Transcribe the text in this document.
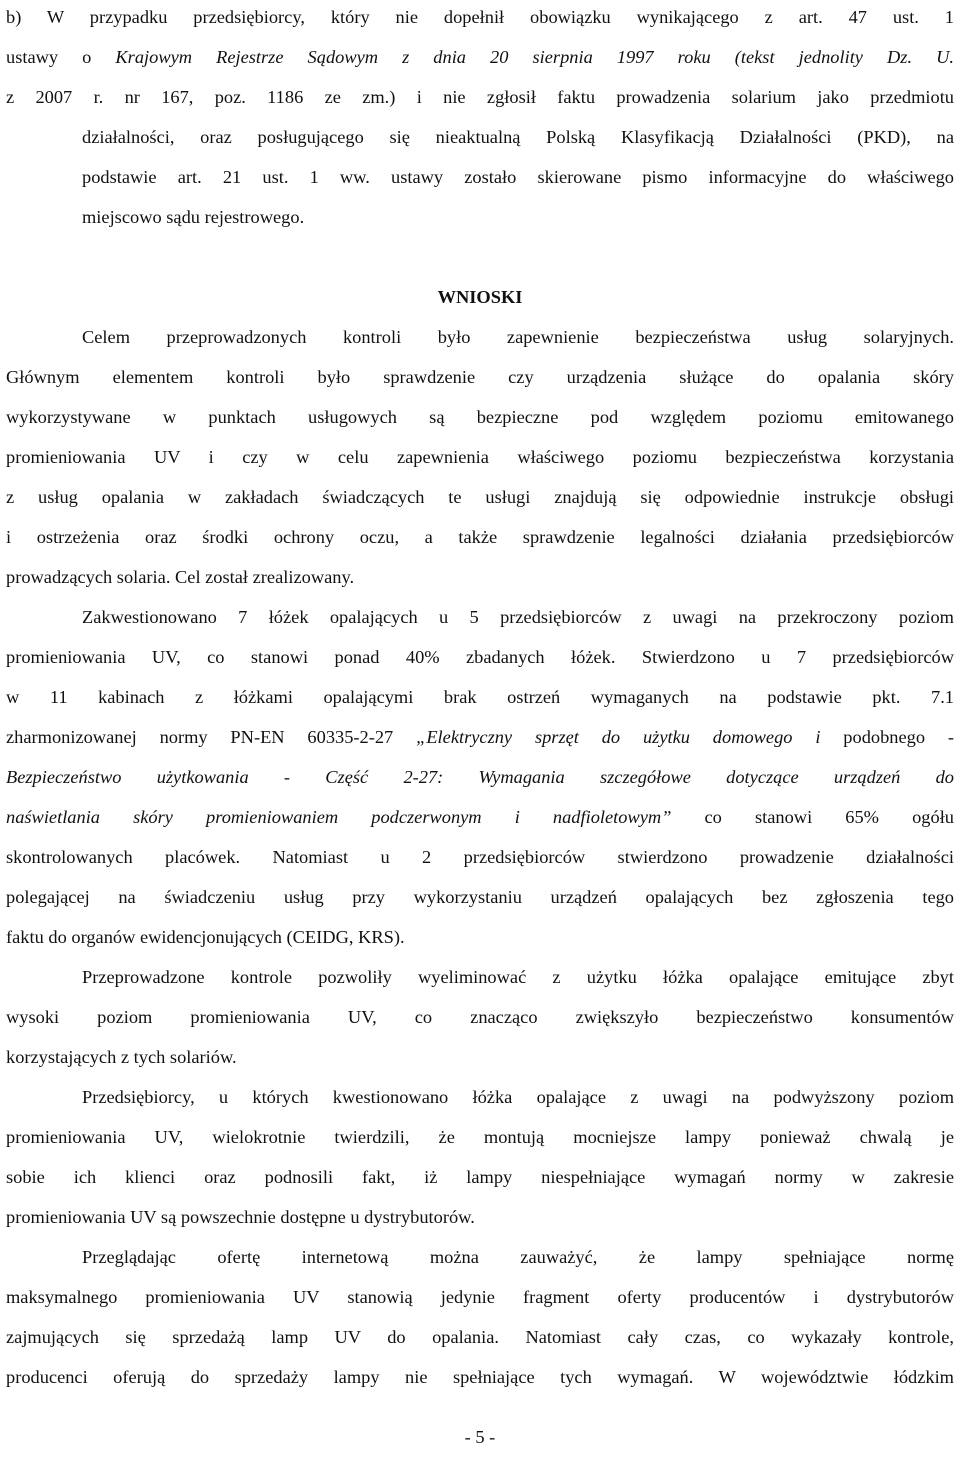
b) W przypadku przedsiębiorcy, który nie dopełnił obowiązku wynikającego z art. 47 ust. 1
ustawy o Krajowym Rejestrze Sądowym z dnia 20 sierpnia 1997 roku (tekst jednolity Dz. U.
z 2007 r. nr 167, poz. 1186 ze zm.) i nie zgłosił faktu prowadzenia solarium jako przedmiotu
działalności, oraz posługującego się nieaktualną Polską Klasyfikacją Działalności (PKD), na
podstawie art. 21 ust. 1 ww. ustawy zostało skierowane pismo informacyjne do właściwego
miejscowo sądu rejestrowego.
WNIOSKI
Celem przeprowadzonych kontroli było zapewnienie bezpieczeństwa usług solaryjnych.
Głównym elementem kontroli było sprawdzenie czy urządzenia służące do opalania skóry
wykorzystywane w punktach usługowych są bezpieczne pod względem poziomu emitowanego
promieniowania UV i czy w celu zapewnienia właściwego poziomu bezpieczeństwa korzystania
z usług opalania w zakładach świadczących te usługi znajdują się odpowiednie instrukcje obsługi
i ostrzeżenia oraz środki ochrony oczu, a także sprawdzenie legalności działania przedsiębiorców
prowadzących solaria. Cel został zrealizowany.
Zakwestionowano 7 łóżek opalających u 5 przedsiębiorców z uwagi na przekroczony poziom
promieniowania UV, co stanowi ponad 40% zbadanych łóżek. Stwierdzono u 7 przedsiębiorców
w 11 kabinach z łóżkami opalającymi brak ostrzeń wymaganych na podstawie pkt. 7.1
zharmonizowanej normy PN-EN 60335-2-27 „Elektryczny sprzęt do użytku domowego i podobnego -
Bezpieczeństwo użytkowania - Część 2-27: Wymagania szczegółowe dotyczące urządzeń do
naświetlania skóry promieniowaniem podczerwonym i nadfioletowym” co stanowi 65% ogółu
skontrolowanych placówek. Natomiast u 2 przedsiębiorców stwierdzono prowadzenie działalności
polegającej na świadczeniu usług przy wykorzystaniu urządzeń opalających bez zgłoszenia tego
faktu do organów ewidencjonujących (CEIDG, KRS).
Przeprowadzone kontrole pozwoliły wyeliminować z użytku łóżka opalające emitujące zbyt
wysoki poziom promieniowania UV, co znacząco zwiększyło bezpieczeństwo konsumentów
korzystających z tych solariów.
Przedsiębiorcy, u których kwestionowano łóżka opalające z uwagi na podwyższony poziom
promieniowania UV, wielokrotnie twierdzili, że montują mocniejsze lampy ponieważ chwalą je
sobie ich klienci oraz podnosili fakt, iż lampy niespełniające wymagań normy w zakresie
promieniowania UV są powszechnie dostępne u dystrybutorów.
Przeglądając ofertę internetową można zauważyć, że lampy spełniające normę
maksymalnego promieniowania UV stanowią jedynie fragment oferty producentów i dystrybutorów
zajmujących się sprzedażą lamp UV do opalania. Natomiast cały czas, co wykazały kontrole,
producenci oferują do sprzedaży lampy nie spełniające tych wymagań. W województwie łódzkim
- 5 -
